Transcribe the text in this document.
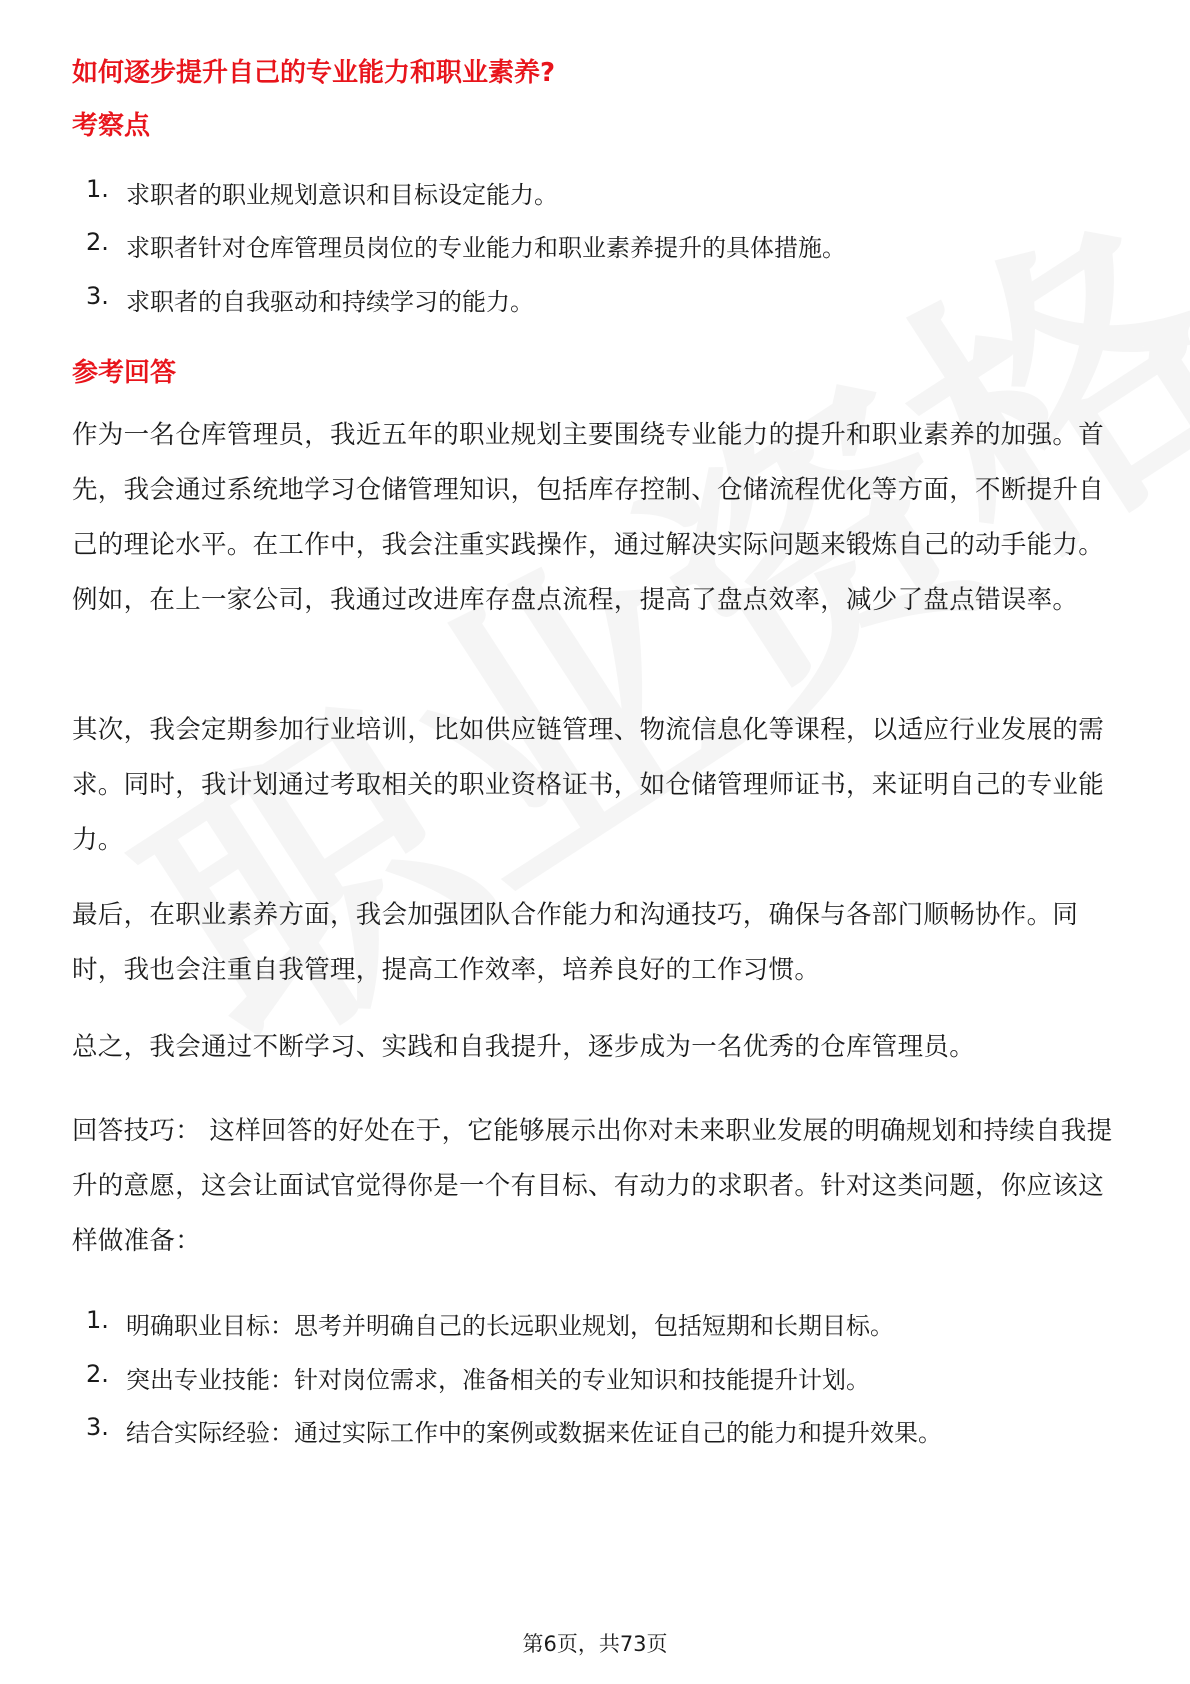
如何逐步提升自己的专业能力和职业素养?
考察点
1. 求职者的职业规划意识和目标设定能力。
2. 求职者针对仓库管理员岗位的专业能力和职业素养提升的具体措施。
3. 求职者的自我驱动和持续学习的能力。
参考回答

作为一名仓库管理员，我近五年的职业规划主要围绕专业能力的提升和职业素养的加强。首先，我会通过系统地学习仓储管理知识，包括库存控制、仓储流程优化等方面，不断提升自己的理论水平。在工作中，我会注重实践操作，通过解决实际问题来锻炼自己的动手能力。例如，在上一家公司，我通过改进库存盘点流程，提高了盘点效率，减少了盘点错误率。

其次，我会定期参加行业培训，比如供应链管理、物流信息化等课程，以适应行业发展的需求。同时，我计划通过考取相关的职业资格证书，如仓储管理师证书，来证明自己的专业能力。

最后，在职业素养方面，我会加强团队合作能力和沟通技巧，确保与各部门顺畅协作。同时，我也会注重自我管理，提高工作效率，培养良好的工作习惯。

总之，我会通过不断学习、实践和自我提升，逐步成为一名优秀的仓库管理员。

回答技巧： 这样回答的好处在于，它能够展示出你对未来职业发展的明确规划和持续自我提升的意愿，这会让面试官觉得你是一个有目标、有动力的求职者。针对这类问题，你应该这样做准备：

1. 明确职业目标：思考并明确自己的长远职业规划，包括短期和长期目标。
2. 突出专业技能：针对岗位需求，准备相关的专业知识和技能提升计划。
3. 结合实际经验：通过实际工作中的案例或数据来佐证自己的能力和提升效果。
第6页，共73页
